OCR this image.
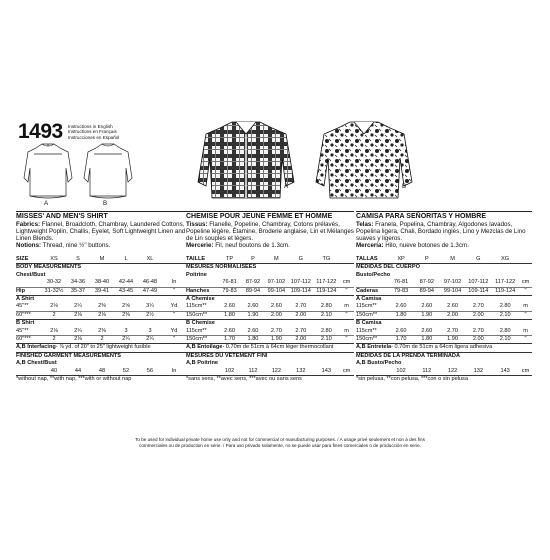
1493 Instructions in English
Instructions en Français
Instrucciones en Español
A	B
A	B
MISSES' AND MEN'S SHIRT
Fabrics: Flannel, Broadcloth, Chambray, Laundered Cottons, Lightweight Poplin, Challis, Eyelet, Soft Lightweight Linen and Linen Blends.
Notions: Thread, nine ½" buttons.
SIZE	XS	S	M	L	XL	
BODY MEASUREMENTS						
Chest/Bust						
	30-32	34-36	38-40	42-44	46-48	In
Hip	31-32½	35-37	39-41	43-45	47-49	"
A Shirt						
45"**	2⅛	2¼	2⅜	2⅝	3¼	Yd
60"***	2	2⅛	2⅛	2⅜	2½	"
B Shirt						
45"**	2⅛	2¼	2⅜	3	3	Yd
60"***	2	2⅛	2	2¼	2¼	"
A,B Interfacing- ⅞ yd. of 20" to 25" lightweight fusible						
FINISHED GARMENT MEASUREMENTS						
A,B Chest/Bust						
	40	44	48	52	56	In
*without nap, **with nap, ***with or without nap
CHEMISE POUR JEUNE FEMME ET HOMME
Tissus: Flanelle, Popeline, Chambray, Cotons prélavés, Popeline légère, Étamine, Broderie anglaise, Lin et Mélanges de Lin souples et légers.
Mercerie: Fil, neuf boutons de 1.3cm.
TAILLE	TP	P	M	G	TG	
MESURES NORMALISÉES						
Poitrine						
	76-81	87-92	97-102	107-112	117-122	cm
Hanches	79-83	89-94	99-104	109-114	119-124	"
A Chemise						
115cm**	2.60	2.60	2.60	2.70	2.80	m
150cm**	1.80	1.90	2.00	2.00	2.10	"
B Chemise						
115cm**	2.60	2.60	2.70	2.70	2.80	m
150cm**	1.70	1.80	1.90	2.00	2.10	"
A,B Entoilage- 0.70m de 51cm à 64cm léger thermocollant						
MESURES DU VÊTEMENT FINI						
A,B Poitrine						
	102	112	122	132	143	cm
*sans sens, **avec sens, ***avec ou sans sens
CAMISA PARA SEÑORITAS Y HOMBRE
Telas: Franela, Popelina, Chambray, Algodones lavados, Popelina ligera, Chali, Bordado inglés, Lino y Mezclas de Lino suaves y ligeros.
Mercería: Hilo, nueve botones de 1.3cm.
TALLAS	XP	P	M	G	XG	
MEDIDAS DEL CUERPO						
Busto/Pecho						
	76-81	87-92	97-102	107-112	117-122	cm
Caderas	79-83	89-94	99-104	109-114	119-124	"
A Camisa						
115cm**	2.60	2.60	2.60	2.70	2.80	m
150cm**	1.80	1.90	2.00	2.00	2.10	"
B Camisa						
115cm**	2.60	2.60	2.70	2.70	2.80	m
150cm**	1.70	1.80	1.90	2.00	2.10	"
A,B Entretela- 0.70m de 51cm a 64cm ligera adhesiva						
MEDIDAS DE LA PRENDA TERMINADA						
A,B Busto/Pecho						
	102	112	122	132	143	cm
*sin pelusa, **con pelusa, ***con o sin pelusa
To be used for individual private home use only and not for commercial or manufacturing purposes. / A usage privé seulement et non à des fins
commerciales ou de production en série. / Para uso privado solamente, no se puede usar para fines comerciales o de producción en serie.
